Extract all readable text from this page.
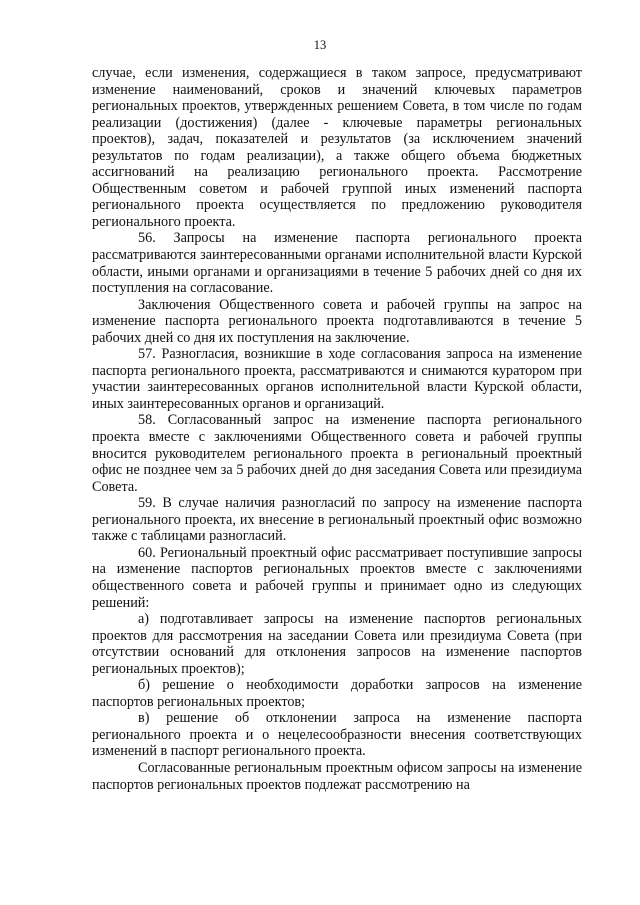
13

случае, если изменения, содержащиеся в таком запросе, предусматривают изменение наименований, сроков и значений ключевых параметров региональных проектов, утвержденных решением Совета, в том числе по годам реализации (достижения) (далее - ключевые параметры региональных проектов), задач, показателей и результатов (за исключением значений результатов по годам реализации), а также общего объема бюджетных ассигнований на реализацию регионального проекта. Рассмотрение Общественным советом и рабочей группой иных изменений паспорта регионального проекта осуществляется по предложению руководителя регионального проекта.

56. Запросы на изменение паспорта регионального проекта рассматриваются заинтересованными органами исполнительной власти Курской области, иными органами и организациями в течение 5 рабочих дней со дня их поступления на согласование.

Заключения Общественного совета и рабочей группы на запрос на изменение паспорта регионального проекта подготавливаются в течение 5 рабочих дней со дня их поступления на заключение.

57. Разногласия, возникшие в ходе согласования запроса на изменение паспорта регионального проекта, рассматриваются и снимаются куратором при участии заинтересованных органов исполнительной власти Курской области, иных заинтересованных органов и организаций.

58. Согласованный запрос на изменение паспорта регионального проекта вместе с заключениями Общественного совета и рабочей группы вносится руководителем регионального проекта в региональный проектный офис не позднее чем за 5 рабочих дней до дня заседания Совета или президиума Совета.

59. В случае наличия разногласий по запросу на изменение паспорта регионального проекта, их внесение в региональный проектный офис возможно также с таблицами разногласий.

60. Региональный проектный офис рассматривает поступившие запросы на изменение паспортов региональных проектов вместе с заключениями общественного совета и рабочей группы и принимает одно из следующих решений:

а) подготавливает запросы на изменение паспортов региональных проектов для рассмотрения на заседании Совета или президиума Совета (при отсутствии оснований для отклонения запросов на изменение паспортов региональных проектов);

б) решение о необходимости доработки запросов на изменение паспортов региональных проектов;

в) решение об отклонении запроса на изменение паспорта регионального проекта и о нецелесообразности внесения соответствующих изменений в паспорт регионального проекта.

Согласованные региональным проектным офисом запросы на изменение паспортов региональных проектов подлежат рассмотрению на
